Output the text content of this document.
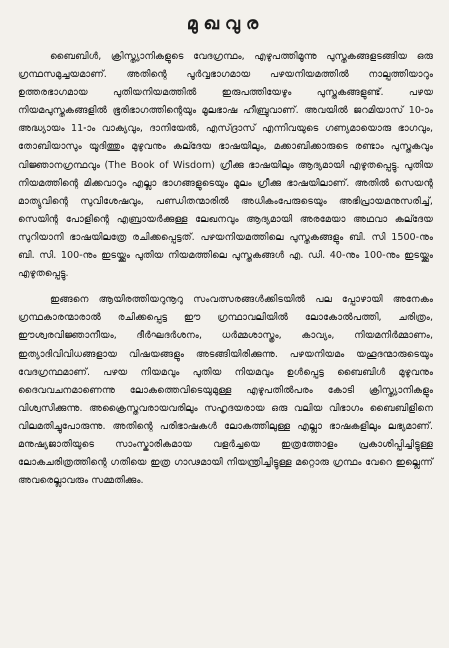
മുഖവുര

ബൈബിൾ, ക്രിസ്ത്യാനികളുടെ വേദഗ്രന്ഥം, എഴുപത്തിമൂന്നു പുസ്തകങ്ങളടങ്ങിയ ഒരു ഗ്രന്ഥസമുച്ചയമാണ്. അതിന്റെ പൂർവ്വഭാഗമായ പഴയനിയമത്തിൽ നാല്പത്തിയാറും ഉത്തരഭാഗമായ പുതിയനിയമത്തിൽ ഇരുപത്തിയേഴും പുസ്തകങ്ങളുണ്ട്. പഴയ നിയമപുസ്തകങ്ങളിൽ ഭൂരിഭാഗത്തിന്റെയും മൂലഭാഷ ഹീബ്രുവാണ്. അവയിൽ ജറമിയാസ് 10-ാം അദ്ധ്യായം 11-ാം വാക്യവും, ദാനിയേൽ, എസ്ദ്രാസ് എന്നിവയുടെ ഗണ്യമായൊരു ഭാഗവും, തോബിയാസും യൂദിത്തും മുഴുവനും കല്ദേയ ഭാഷയിലും, മക്കാബിക്കാരുടെ രണ്ടാം പുസ്തകവും വിജ്ഞാനഗ്രന്ഥവും (The Book of Wisdom) ഗ്രീക്കു ഭാഷയിലും ആദ്യമായി എഴുതപ്പെട്ടു. പുതിയ നിയമത്തിന്റെ മിക്കവാറും എല്ലാ ഭാഗങ്ങളുടെയും മൂലം ഗ്രീക്കു ഭാഷയിലാണ്. അതിൽ സെയന്റ മാത്യുവിന്റെ സുവിശേഷവും, പണ്ഡിതന്മാരിൽ അധികംപേരുടെയും അഭിപ്രായമനുസരിച്ച്, സെയിന്റ പോളിന്റെ എബ്രായർക്കുള്ള ലേഖനവും ആദ്യമായി അരമേയാ അഥവാ കല്ദേയ സുറിയാനി ഭാഷയിലത്രേ രചിക്കപ്പെട്ടത്. പഴയനിയമത്തിലെ പുസ്തകങ്ങളും ബി. സി 1500-നും ബി. സി. 100-നും ഇടയ്ക്കും പുതിയ നിയമത്തിലെ പുസ്തകങ്ങൾ എ. ഡി. 40-നും 100-നും ഇടയ്ക്കും എഴുതപ്പെട്ടു.

ഇങ്ങനെ ആയിരത്തിയറുനൂറു സംവത്സരങ്ങൾക്കിടയിൽ പല പ്പോഴായി അനേകം ഗ്രന്ഥകാരന്മാരാൽ രചിക്കപ്പെട്ട ഈ ഗ്രന്ഥാവലിയിൽ ലോകോൽപത്തി, ചരിത്രം, ഈശ്വരവിജ്ഞാനീയം, ദീർഘദർശനം, ധർമ്മശാസ്ത്രം, കാവ്യം, നിയമനിർമ്മാണം, ഇത്യാദിവിവിധങ്ങളായ വിഷയങ്ങളും അടങ്ങിയിരിക്കുന്നു. പഴയനിയമം യഹൂദന്മാരുടെയും വേദഗ്രന്ഥമാണ്. പഴയ നിയമവും പുതിയ നിയമവും ഉൾപ്പെട്ട ബൈബിൾ മുഴുവനും ദൈവവചനമാണെന്നു ലോകത്തെവിടെയുമുള്ള എഴുപതിൽപരം കോടി ക്രിസ്ത്യാനികളും വിശ്വസിക്കുന്നു. അക്രൈസ്തവരായവരിലും സഹൃദയരായ ഒരു വലിയ വിഭാഗം ബൈബിളിനെ വിലമതിച്ചുപോരുന്നു. അതിന്റെ പരിഭാഷകൾ ലോകത്തിലുള്ള എല്ലാ ഭാഷകളിലും ലഭ്യമാണ്. മനുഷ്യജാതിയുടെ സാംസ്കാരികമായ വളർച്ചയെ ഇത്രത്തോളം പ്രകാശിപ്പിച്ചിട്ടുള്ള ലോകചരിത്രത്തിന്റെ ഗതിയെ ഇത്ര ഗാഢമായി നിയന്ത്രിച്ചിട്ടുള്ള മറ്റൊരു ഗ്രന്ഥം വേറെ ഇല്ലെന്ന് അവരെല്ലാവരും സമ്മതിക്കും.
